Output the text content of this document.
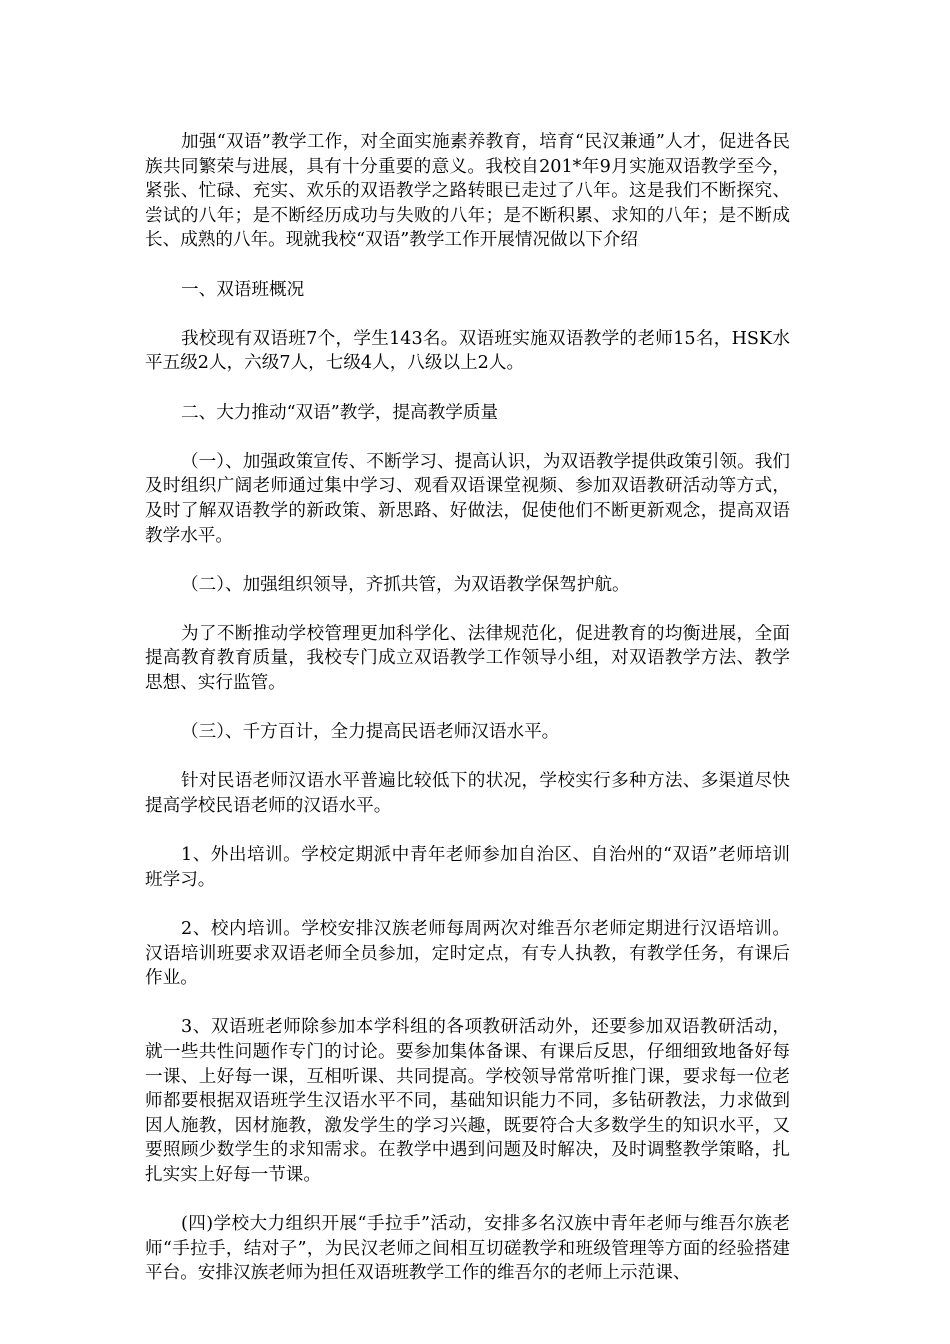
加强“双语”教学工作，对全面实施素养教育，培育“民汉兼通”人才，促进各民族共同繁荣与进展，具有十分重要的意义。我校自201*年9月实施双语教学至今，紧张、忙碌、充实、欢乐的双语教学之路转眼已走过了八年。这是我们不断探究、尝试的八年；是不断经历成功与失败的八年；是不断积累、求知的八年；是不断成长、成熟的八年。现就我校“双语”教学工作开展情况做以下介绍

一、双语班概况

我校现有双语班7个，学生143名。双语班实施双语教学的老师15名，HSK水平五级2人，六级7人，七级4人，八级以上2人。

二、大力推动“双语”教学，提高教学质量

（一）、加强政策宣传、不断学习、提高认识，为双语教学提供政策引领。我们及时组织广阔老师通过集中学习、观看双语课堂视频、参加双语教研活动等方式，及时了解双语教学的新政策、新思路、好做法，促使他们不断更新观念，提高双语教学水平。

（二）、加强组织领导，齐抓共管，为双语教学保驾护航。

为了不断推动学校管理更加科学化、法律规范化，促进教育的均衡进展，全面提高教育教育质量，我校专门成立双语教学工作领导小组，对双语教学方法、教学思想、实行监管。

（三）、千方百计，全力提高民语老师汉语水平。

针对民语老师汉语水平普遍比较低下的状况，学校实行多种方法、多渠道尽快提高学校民语老师的汉语水平。

1、外出培训。学校定期派中青年老师参加自治区、自治州的“双语”老师培训班学习。

2、校内培训。学校安排汉族老师每周两次对维吾尔老师定期进行汉语培训。汉语培训班要求双语老师全员参加，定时定点，有专人执教，有教学任务，有课后作业。

3、双语班老师除参加本学科组的各项教研活动外，还要参加双语教研活动，就一些共性问题作专门的讨论。要参加集体备课、有课后反思，仔细细致地备好每一课、上好每一课，互相听课、共同提高。学校领导常常听推门课，要求每一位老师都要根据双语班学生汉语水平不同，基础知识能力不同，多钻研教法，力求做到因人施教，因材施教，激发学生的学习兴趣，既要符合大多数学生的知识水平，又要照顾少数学生的求知需求。在教学中遇到问题及时解决，及时调整教学策略，扎扎实实上好每一节课。

(四)学校大力组织开展“手拉手”活动，安排多名汉族中青年老师与维吾尔族老师“手拉手，结对子”，为民汉老师之间相互切磋教学和班级管理等方面的经验搭建平台。安排汉族老师为担任双语班教学工作的维吾尔的老师上示范课、
